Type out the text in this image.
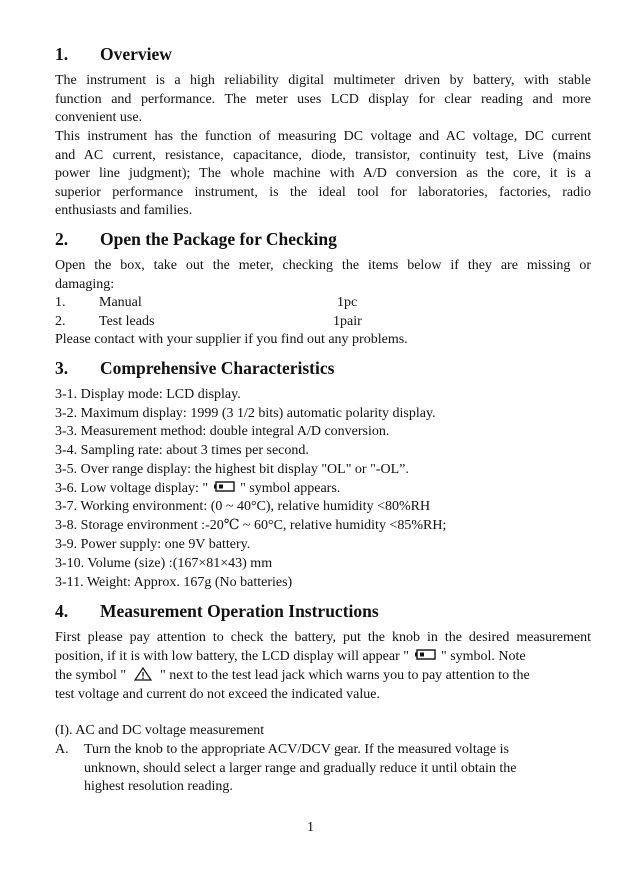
1. Overview
The instrument is a high reliability digital multimeter driven by battery, with stable
function and performance. The meter uses LCD display for clear reading and more
convenient use.
This instrument has the function of measuring DC voltage and AC voltage, DC current
and AC current, resistance, capacitance, diode, transistor, continuity test, Live (mains
power line judgment); The whole machine with A/D conversion as the core, it is a
superior performance instrument, is the ideal tool for laboratories, factories, radio
enthusiasts and families.
2. Open the Package for Checking
Open the box, take out the meter, checking the items below if they are missing or
damaging:
1. Manual	1pc
2. Test leads	1pair
Please contact with your supplier if you find out any problems.
3. Comprehensive Characteristics
3-1. Display mode: LCD display.
3-2. Maximum display: 1999 (3 1/2 bits) automatic polarity display.
3-3. Measurement method: double integral A/D conversion.
3-4. Sampling rate: about 3 times per second.
3-5. Over range display: the highest bit display "OL" or "-OL”.
3-6. Low voltage display: " " symbol appears.
3-7. Working environment: (0 ~ 40°C), relative humidity <80%RH
3-8. Storage environment :-20℃ ~ 60°C, relative humidity <85%RH;
3-9. Power supply: one 9V battery.
3-10. Volume (size) :(167×81×43) mm
3-11. Weight: Approx. 167g (No batteries)
4. Measurement Operation Instructions
First please pay attention to check the battery, put the knob in the desired measurement
position, if it is with low battery, the LCD display will appear " " symbol. Note
the symbol " " next to the test lead jack which warns you to pay attention to the
test voltage and current do not exceed the indicated value.
(I). AC and DC voltage measurement
A. Turn the knob to the appropriate ACV/DCV gear. If the measured voltage is
unknown, should select a larger range and gradually reduce it until obtain the
highest resolution reading.
1
